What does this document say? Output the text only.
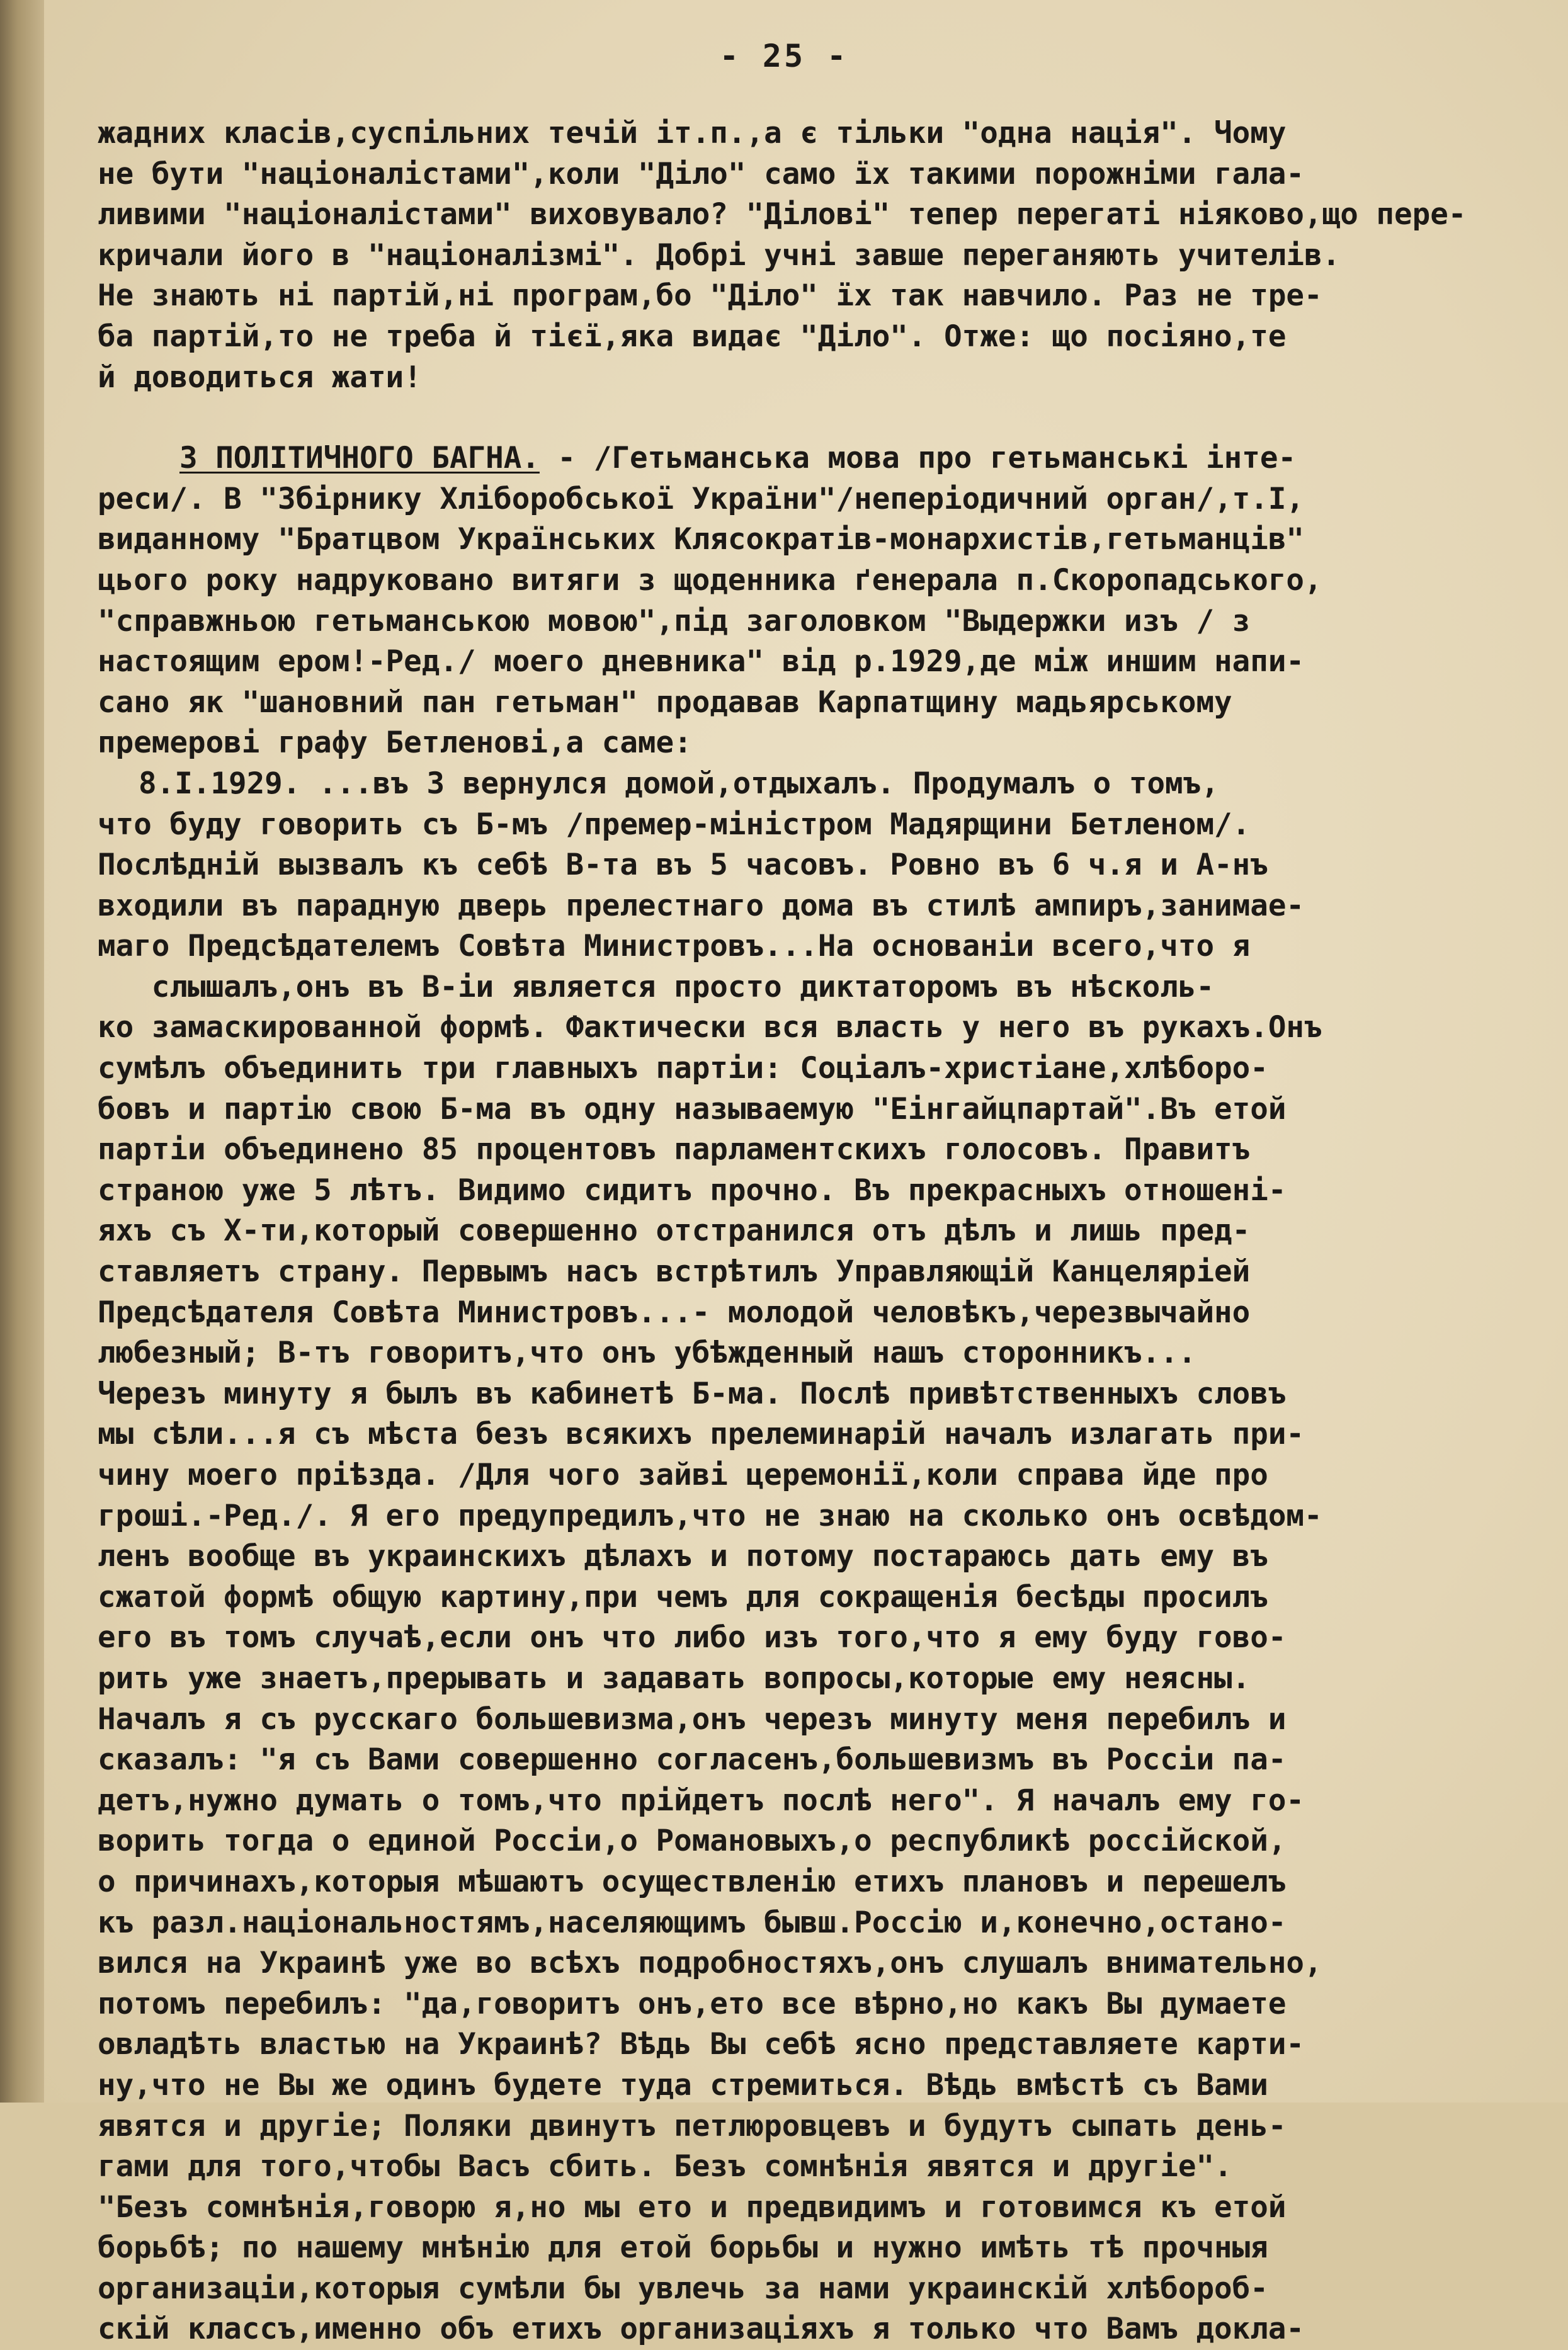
- 25 -
жадних класів,суспільних течій іт.п.,а є тільки "одна нація". Чому
не бути "націоналістами",коли "Діло" само їх такими порожніми гала-
ливими "націоналістами" виховувало? "Ділові" тепер перегаті ніяково,що пере-
кричали його в "націоналізмі". Добрі учні завше переганяють учителів.
Не знають ні партій,ні програм,бо "Діло" їх так навчило. Раз не тре-
ба партій,то не треба й тієї,яка видає "Діло". Отже: що посіяно,те
й доводиться жати!
З ПОЛІТИЧНОГО БАГНА. - /Гетьманська мова про гетьманські інте-
реси/. В "Збірнику Хліборобської України"/неперіодичний орган/,т.І,
виданному "Братцвом Українських Клясократів-монархистів,гетьманців"
цього року надруковано витяги з щоденника ґенерала п.Скоропадського,
"справжньою гетьманською мовою",під заголовком "Выдержки изъ / з
настоящим ером!-Ред./ моего дневника" від р.1929,де між иншим напи-
сано як "шановний пан гетьман" продавав Карпатщину мадьярському
премерові графу Бетленові,а саме:
8.І.1929. ...въ 3 вернулся домой,отдыхалъ. Продумалъ о томъ,
что буду говорить съ Б-мъ /премер-міністром Мадярщини Бетленом/.
Послѣдній вызвалъ къ себѣ В-та въ 5 часовъ. Ровно въ 6 ч.я и А-нъ
входили въ парадную дверь прелестнаго дома въ стилѣ ампиръ,занимае-
маго Предсѣдателемъ Совѣта Министровъ...На основаніи всего,что я
слышалъ,онъ въ В-іи является просто диктаторомъ въ нѣсколь-
ко замаскированной формѣ. Фактически вся власть у него въ рукахъ.Онъ
сумѣлъ объединить три главныхъ партіи: Соціалъ-христіане,хлѣборо-
бовъ и партію свою Б-ма въ одну называемую "Еінгайцпартай".Въ етой
партіи объединено 85 процентовъ парламентскихъ голосовъ. Правитъ
страною уже 5 лѣтъ. Видимо сидитъ прочно. Въ прекрасныхъ отношені-
яхъ съ Х-ти,который совершенно отстранился отъ дѣлъ и лишь пред-
ставляетъ страну. Первымъ насъ встрѣтилъ Управляющій Канцеляріей
Предсѣдателя Совѣта Министровъ...- молодой человѣкъ,черезвычайно
любезный; В-тъ говоритъ,что онъ убѣжденный нашъ сторонникъ...
Черезъ минуту я былъ въ кабинетѣ Б-ма. Послѣ привѣтственныхъ словъ
мы сѣли...я съ мѣста безъ всякихъ прелеминарій началъ излагать при-
чину моего пріѣзда. /Для чого зайві церемонії,коли справа йде про
гроші.-Ред./. Я его предупредилъ,что не знаю на сколько онъ освѣдом-
ленъ вообще въ украинскихъ дѣлахъ и потому постараюсь дать ему въ
сжатой формѣ общую картину,при чемъ для сокращенія бесѣды просилъ
его въ томъ случаѣ,если онъ что либо изъ того,что я ему буду гово-
рить уже знаетъ,прерывать и задавать вопросы,которые ему неясны.
Началъ я съ русскаго большевизма,онъ черезъ минуту меня перебилъ и
сказалъ: "я съ Вами совершенно согласенъ,большевизмъ въ Россіи па-
детъ,нужно думать о томъ,что прійдетъ послѣ него". Я началъ ему го-
ворить тогда о единой Россіи,о Романовыхъ,о республикѣ россійской,
о причинахъ,которыя мѣшаютъ осуществленію етихъ плановъ и перешелъ
къ разл.національностямъ,населяющимъ бывш.Россію и,конечно,остано-
вился на Украинѣ уже во всѣхъ подробностяхъ,онъ слушалъ внимательно,
потомъ перебилъ: "да,говоритъ онъ,ето все вѣрно,но какъ Вы думаете
овладѣть властью на Украинѣ? Вѣдь Вы себѣ ясно представляете карти-
ну,что не Вы же одинъ будете туда стремиться. Вѣдь вмѣстѣ съ Вами
явятся и другіе; Поляки двинутъ петлюровцевъ и будутъ сыпать день-
гами для того,чтобы Васъ сбить. Безъ сомнѣнія явятся и другіе".
"Безъ сомнѣнія,говорю я,но мы ето и предвидимъ и готовимся къ етой
борьбѣ; по нашему мнѣнію для етой борьбы и нужно имѣть тѣ прочныя
организаціи,которыя сумѣли бы увлечь за нами украинскій хлѣбороб-
скій классъ,именно объ етихъ организаціяхъ я только что Вамъ докла-
